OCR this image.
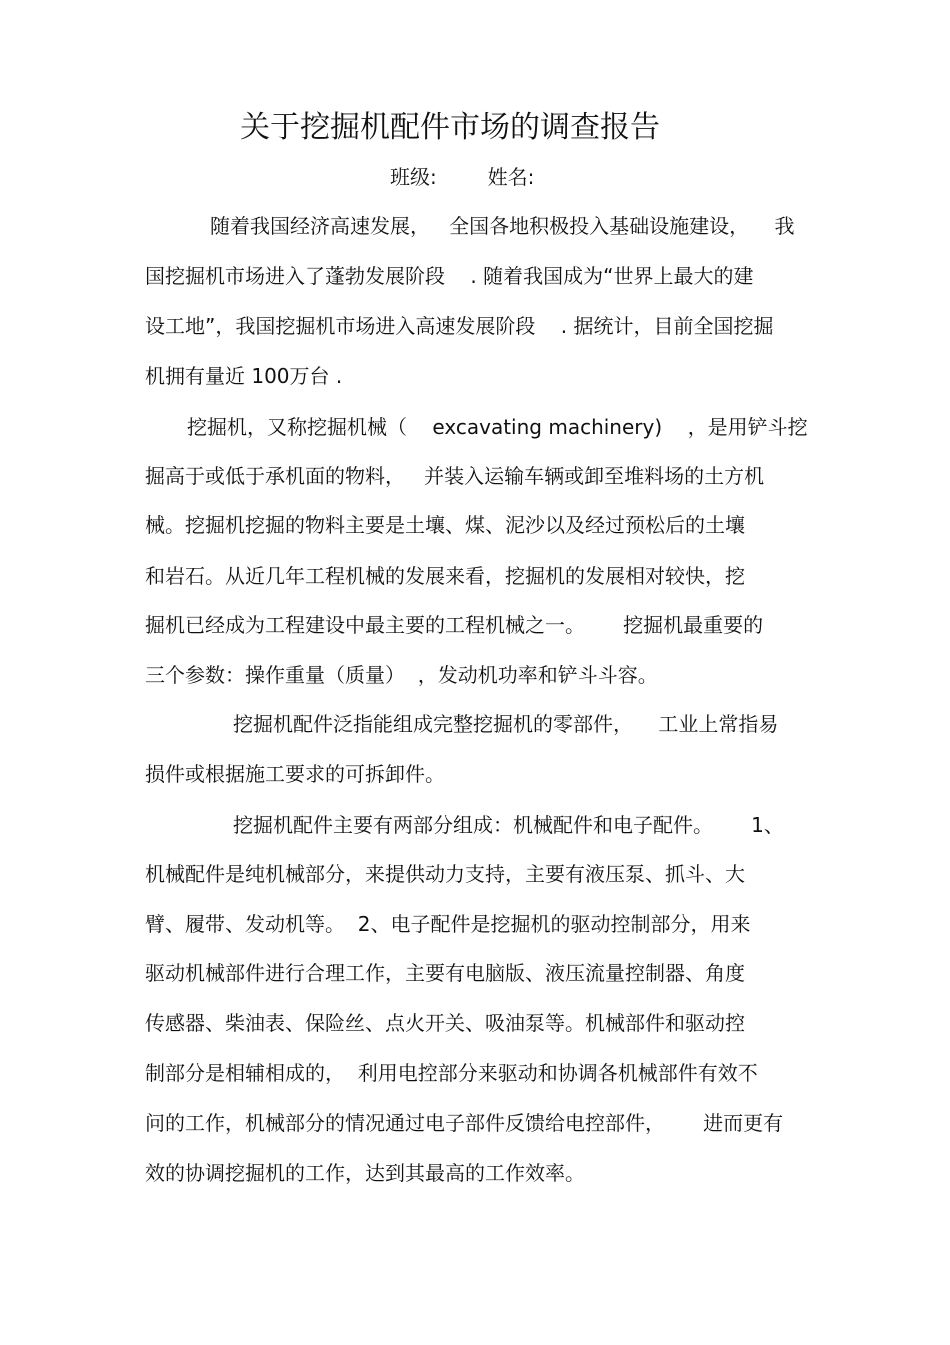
关于挖掘机配件市场的调查报告
班级:        姓名:
随着我国经济高速发展，   全国各地积极投入基础设施建设，    我
国挖掘机市场进入了蓬勃发展阶段    . 随着我国成为“世界上最大的建
设工地”，我国挖掘机市场进入高速发展阶段    . 据统计，目前全国挖掘
机拥有量近 100万台 .
挖掘机，又称挖掘机械（    excavating machinery)    ，是用铲斗挖
掘高于或低于承机面的物料，   并装入运输车辆或卸至堆料场的土方机
械。挖掘机挖掘的物料主要是土壤、煤、泥沙以及经过预松后的土壤
和岩石。从近几年工程机械的发展来看，挖掘机的发展相对较快，挖
掘机已经成为工程建设中最主要的工程机械之一。      挖掘机最重要的
三个参数：操作重量（质量）  ，发动机功率和铲斗斗容。
挖掘机配件泛指能组成完整挖掘机的零部件，    工业上常指易
损件或根据施工要求的可拆卸件。
挖掘机配件主要有两部分组成：机械配件和电子配件。      1、
机械配件是纯机械部分，来提供动力支持，主要有液压泵、抓斗、大
臂、履带、发动机等。  2、电子配件是挖掘机的驱动控制部分，用来
驱动机械部件进行合理工作，主要有电脑版、液压流量控制器、角度
传感器、柴油表、保险丝、点火开关、吸油泵等。机械部件和驱动控
制部分是相辅相成的，  利用电控部分来驱动和协调各机械部件有效不
问的工作，机械部分的情况通过电子部件反馈给电控部件，      进而更有
效的协调挖掘机的工作，达到其最高的工作效率。
